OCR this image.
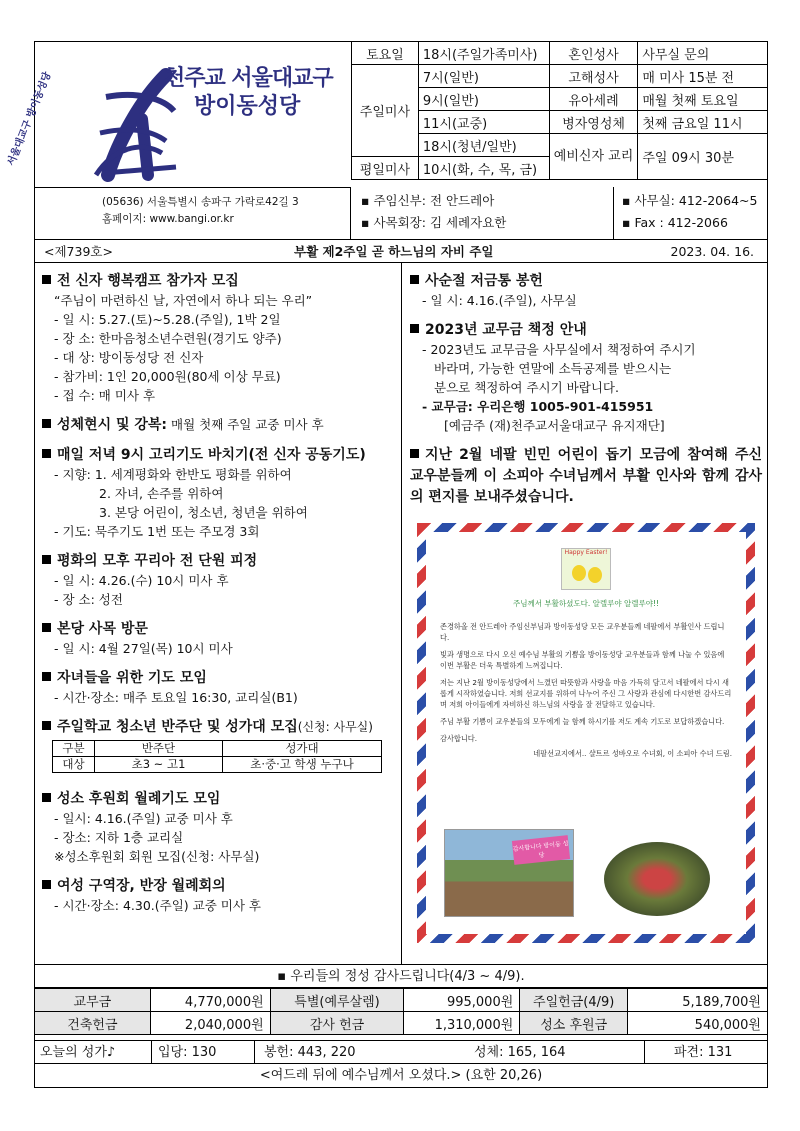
서울대교구 방이동성당	천주교 서울대교구
방이동성당
(05636) 서울특별시 송파구 가락로42길 3
홈페이지: www.bangi.or.kr
토요일	18시(주일가족미사)	혼인성사	사무실 문의
주일미사	7시(일반)	고해성사	매 미사 15분 전
	9시(일반)	유아세례	매월 첫째 토요일
	11시(교중)	병자영성체	첫째 금요일 11시
	18시(청년/일반)	예비신자 교리	주일 09시 30분
평일미사	10시(화, 수, 목, 금)		
▪ 주임신부: 전 안드레아
▪ 사목회장: 김 세례자요한
▪ 사무실: 412-2064~5
▪ Fax : 412-2066
<제739호>	부활 제2주일 곧 하느님의 자비 주일	2023. 04. 16.
전 신자 행복캠프 참가자 모집
“주님이 마련하신 날, 자연에서 하나 되는 우리”
- 일 시: 5.27.(토)~5.28.(주일), 1박 2일
- 장 소: 한마음청소년수련원(경기도 양주)
- 대 상: 방이동성당 전 신자
- 참가비: 1인 20,000원(80세 이상 무료)
- 접 수: 매 미사 후
성체현시 및 강복: 매월 첫째 주일 교중 미사 후
매일 저녁 9시 고리기도 바치기(전 신자 공동기도)
- 지향: 1. 세계평화와 한반도 평화를 위하여
2. 자녀, 손주를 위하여
3. 본당 어린이, 청소년, 청년을 위하여
- 기도: 묵주기도 1번 또는 주모경 3회
평화의 모후 꾸리아 전 단원 피정
- 일 시: 4.26.(수) 10시 미사 후
- 장 소: 성전
본당 사목 방문
- 일 시: 4월 27일(목) 10시 미사
자녀들을 위한 기도 모임
- 시간·장소: 매주 토요일 16:30, 교리실(B1)
주일학교 청소년 반주단 및 성가대 모집(신청: 사무실)
구분	반주단	성가대
대상	초3 ~ 고1	초·중·고 학생 누구나
성소 후원회 월례기도 모임
- 일시: 4.16.(주일) 교중 미사 후
- 장소: 지하 1층 교리실
※성소후원회 회원 모집(신청: 사무실)
여성 구역장, 반장 월례회의
- 시간·장소: 4.30.(주일) 교중 미사 후
사순절 저금통 봉헌
- 일 시: 4.16.(주일), 사무실
2023년 교무금 책정 안내
- 2023년도 교무금을 사무실에서 책정하여 주시기
바라며, 가능한 연말에 소득공제를 받으시는
분으로 책정하여 주시기 바랍니다.
- 교무금: 우리은행 1005-901-415951
[예금주 (재)천주교서울대교구 유지재단]
지난 2월 네팔 빈민 어린이 돕기 모금에 참여해 주신 교우분들께 이 소피아 수녀님께서 부활 인사와 함께 감사의 편지를 보내주셨습니다.
Happy Easter!
주님께서 부활하셨도다. 알렐루야 알렐루야!!
존경하올 전 안드레아 주임신부님과 방이동성당 모든 교우분들께 네팔에서 부활인사 드립니다.
빛과 생명으로 다시 오신 예수님 부활의 기쁨을 방이동성당 교우분들과 함께 나눌 수 있음에 이번 부활은 더욱 특별하게 느껴집니다.
저는 지난 2월 방이동성당에서 느꼈던 따뜻함과 사랑을 마음 가득히 담고서 네팔에서 다시 새롭게 시작하였습니다. 저희 선교지를 위하여 나누어 주신 그 사랑과 관심에 다시한번 감사드리며 저희 아이들에게 자비하신 하느님의 사랑을 잘 전달하고 있습니다.
주님 부활 기쁨이 교우분들의 모두에게 늘 함께 하시기를 저도 계속 기도로 보답하겠습니다.
감사합니다.
네팔선교지에서.. 샬트르 성바오로 수녀회, 이 소피아 수녀 드림.
감사합니다 방이동 성당
▪ 우리들의 정성 감사드립니다(4/3 ~ 4/9).
교무금	4,770,000원	특별(예루살렘)	995,000원	주일헌금(4/9)	5,189,700원
건축헌금	2,040,000원	감사 헌금	1,310,000원	성소 후원금	540,000원
오늘의 성가♪	입당: 130	봉헌: 443, 220	성체: 165, 164	파견: 131
<여드레 뒤에 예수님께서 오셨다.> (요한 20,26)
